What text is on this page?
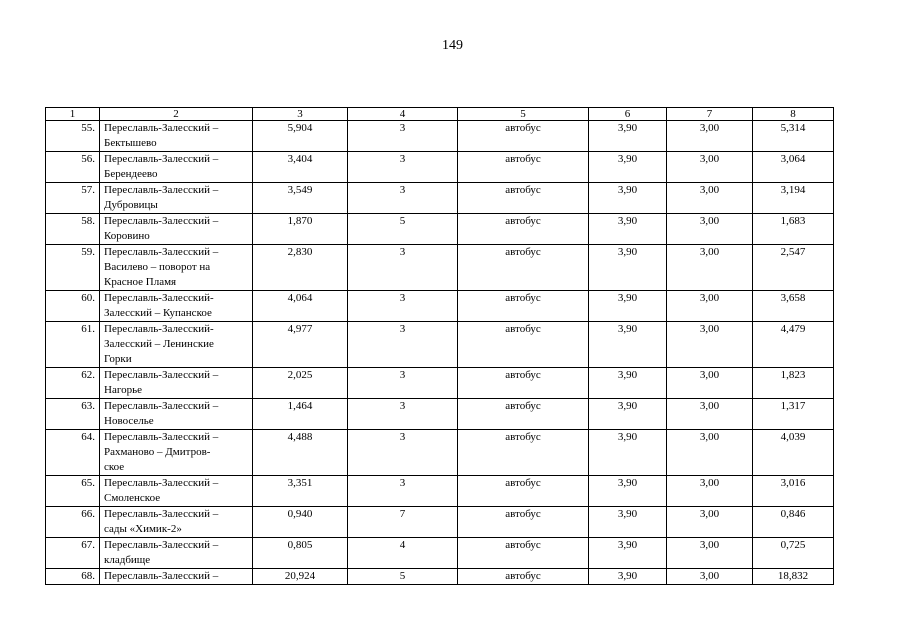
149
1	2	3	4	5	6	7	8
55.	Переславль-Залесский –
Бектышево	5,904	3	автобус	3,90	3,00	5,314
56.	Переславль-Залесский –
Берендеево	3,404	3	автобус	3,90	3,00	3,064
57.	Переславль-Залесский –
Дубровицы	3,549	3	автобус	3,90	3,00	3,194
58.	Переславль-Залесский –
Коровино	1,870	5	автобус	3,90	3,00	1,683
59.	Переславль-Залесский –
Василево – поворот на
Красное Пламя	2,830	3	автобус	3,90	3,00	2,547
60.	Переславль-Залесский-
Залесский – Купанское	4,064	3	автобус	3,90	3,00	3,658
61.	Переславль-Залесский-
Залесский – Ленинские
Горки	4,977	3	автобус	3,90	3,00	4,479
62.	Переславль-Залесский –
Нагорье	2,025	3	автобус	3,90	3,00	1,823
63.	Переславль-Залесский –
Новоселье	1,464	3	автобус	3,90	3,00	1,317
64.	Переславль-Залесский –
Рахманово – Дмитров-
ское	4,488	3	автобус	3,90	3,00	4,039
65.	Переславль-Залесский –
Смоленское	3,351	3	автобус	3,90	3,00	3,016
66.	Переславль-Залесский –
сады «Химик-2»	0,940	7	автобус	3,90	3,00	0,846
67.	Переславль-Залесский –
кладбище	0,805	4	автобус	3,90	3,00	0,725
68.	Переславль-Залесский –	20,924	5	автобус	3,90	3,00	18,832
